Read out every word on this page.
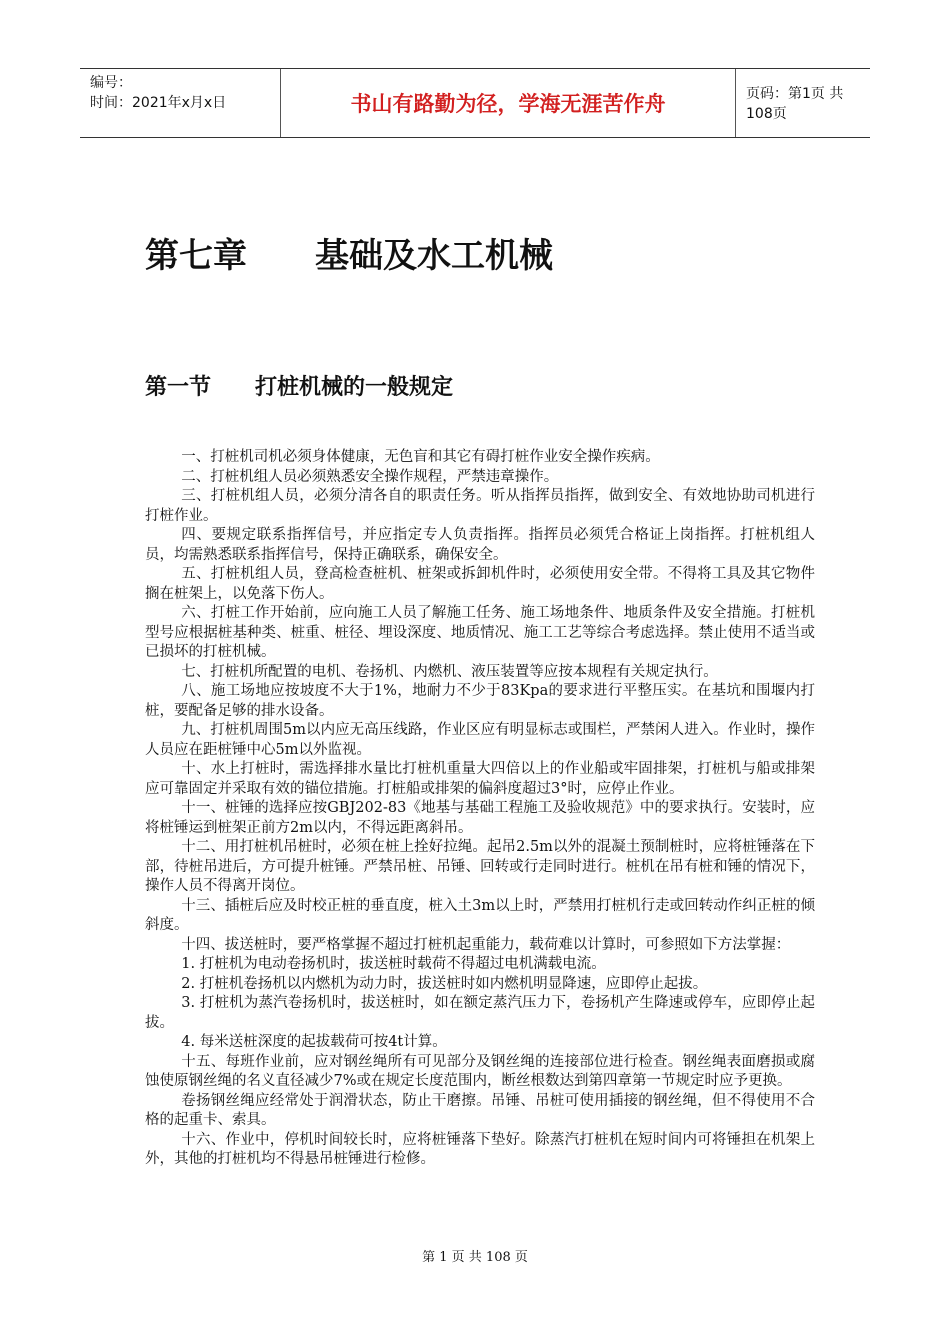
编号：
时间：2021年x月x日	书山有路勤为径，学海无涯苦作舟	页码：第1页 共108页
第七章　　基础及水工机械
第一节　　打桩机械的一般规定

一、打桩机司机必须身体健康，无色盲和其它有碍打桩作业安全操作疾病。

二、打桩机组人员必须熟悉安全操作规程，严禁违章操作。

三、打桩机组人员，必须分清各自的职责任务。听从指挥员指挥，做到安全、有效地协助司机进行打桩作业。

四、要规定联系指挥信号，并应指定专人负责指挥。指挥员必须凭合格证上岗指挥。打桩机组人员，均需熟悉联系指挥信号，保持正确联系，确保安全。

五、打桩机组人员，登高检查桩机、桩架或拆卸机件时，必须使用安全带。不得将工具及其它物件搁在桩架上，以免落下伤人。

六、打桩工作开始前，应向施工人员了解施工任务、施工场地条件、地质条件及安全措施。打桩机型号应根据桩基种类、桩重、桩径、埋设深度、地质情况、施工工艺等综合考虑选择。禁止使用不适当或已损坏的打桩机械。

七、打桩机所配置的电机、卷扬机、内燃机、液压装置等应按本规程有关规定执行。

八、施工场地应按坡度不大于1%，地耐力不少于83Kpa的要求进行平整压实。在基坑和围堰内打桩，要配备足够的排水设备。

九、打桩机周围5m以内应无高压线路，作业区应有明显标志或围栏，严禁闲人进入。作业时，操作人员应在距桩锤中心5m以外监视。

十、水上打桩时，需选择排水量比打桩机重量大四倍以上的作业船或牢固排架，打桩机与船或排架应可靠固定并采取有效的锚位措施。打桩船或排架的偏斜度超过3°时，应停止作业。

十一、桩锤的选择应按GBJ202-83《地基与基础工程施工及验收规范》中的要求执行。安装时，应将桩锤运到桩架正前方2m以内，不得远距离斜吊。

十二、用打桩机吊桩时，必须在桩上拴好拉绳。起吊2.5m以外的混凝土预制桩时，应将桩锤落在下部，待桩吊进后，方可提升桩锤。严禁吊桩、吊锤、回转或行走同时进行。桩机在吊有桩和锤的情况下，操作人员不得离开岗位。

十三、插桩后应及时校正桩的垂直度，桩入土3m以上时，严禁用打桩机行走或回转动作纠正桩的倾斜度。

十四、拔送桩时，要严格掌握不超过打桩机起重能力，载荷难以计算时，可参照如下方法掌握：

1. 打桩机为电动卷扬机时，拔送桩时载荷不得超过电机满载电流。

2. 打桩机卷扬机以内燃机为动力时，拔送桩时如内燃机明显降速，应即停止起拔。

3. 打桩机为蒸汽卷扬机时，拔送桩时，如在额定蒸汽压力下，卷扬机产生降速或停车，应即停止起拔。

4. 每米送桩深度的起拔载荷可按4t计算。

十五、每班作业前，应对钢丝绳所有可见部分及钢丝绳的连接部位进行检查。钢丝绳表面磨损或腐蚀使原钢丝绳的名义直径减少7%或在规定长度范围内，断丝根数达到第四章第一节规定时应予更换。

卷扬钢丝绳应经常处于润滑状态，防止干磨擦。吊锤、吊桩可使用插接的钢丝绳，但不得使用不合格的起重卡、索具。

十六、作业中，停机时间较长时，应将桩锤落下垫好。除蒸汽打桩机在短时间内可将锤担在机架上外，其他的打桩机均不得悬吊桩锤进行检修。

第 1 页 共 108 页
